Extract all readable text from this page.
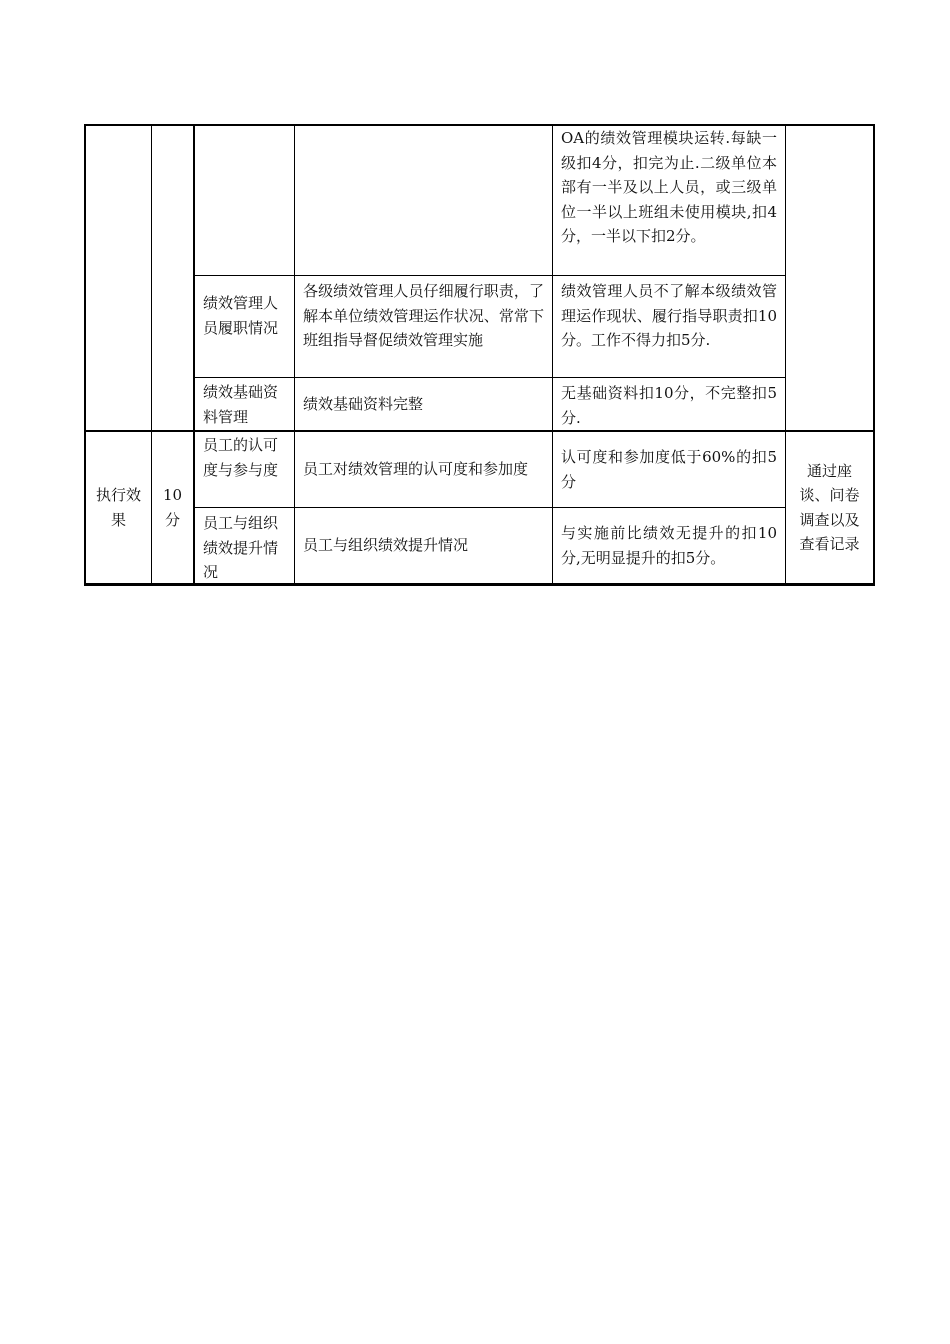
OA的绩效管理模块运转.每缺一级扣4分，扣完为止.二级单位本部有一半及以上人员，或三级单位一半以上班组未使用模块,扣4分，一半以下扣2分。
绩效管理人员履职情况
各级绩效管理人员仔细履行职责，了解本单位绩效管理运作状况、常常下班组指导督促绩效管理实施
绩效管理人员不了解本级绩效管理运作现状、履行指导职责扣10分。工作不得力扣5分.
绩效基础资料管理
绩效基础资料完整
无基础资料扣10分，不完整扣5分.
执行效果
10分
员工的认可度与参与度	员工对绩效管理的认可度和参加度
认可度和参加度低于60%的扣5分
员工与组织绩效提升情况
员工与组织绩效提升情况
与实施前比绩效无提升的扣10分,无明显提升的扣5分。
通过座谈、问卷调查以及查看记录
